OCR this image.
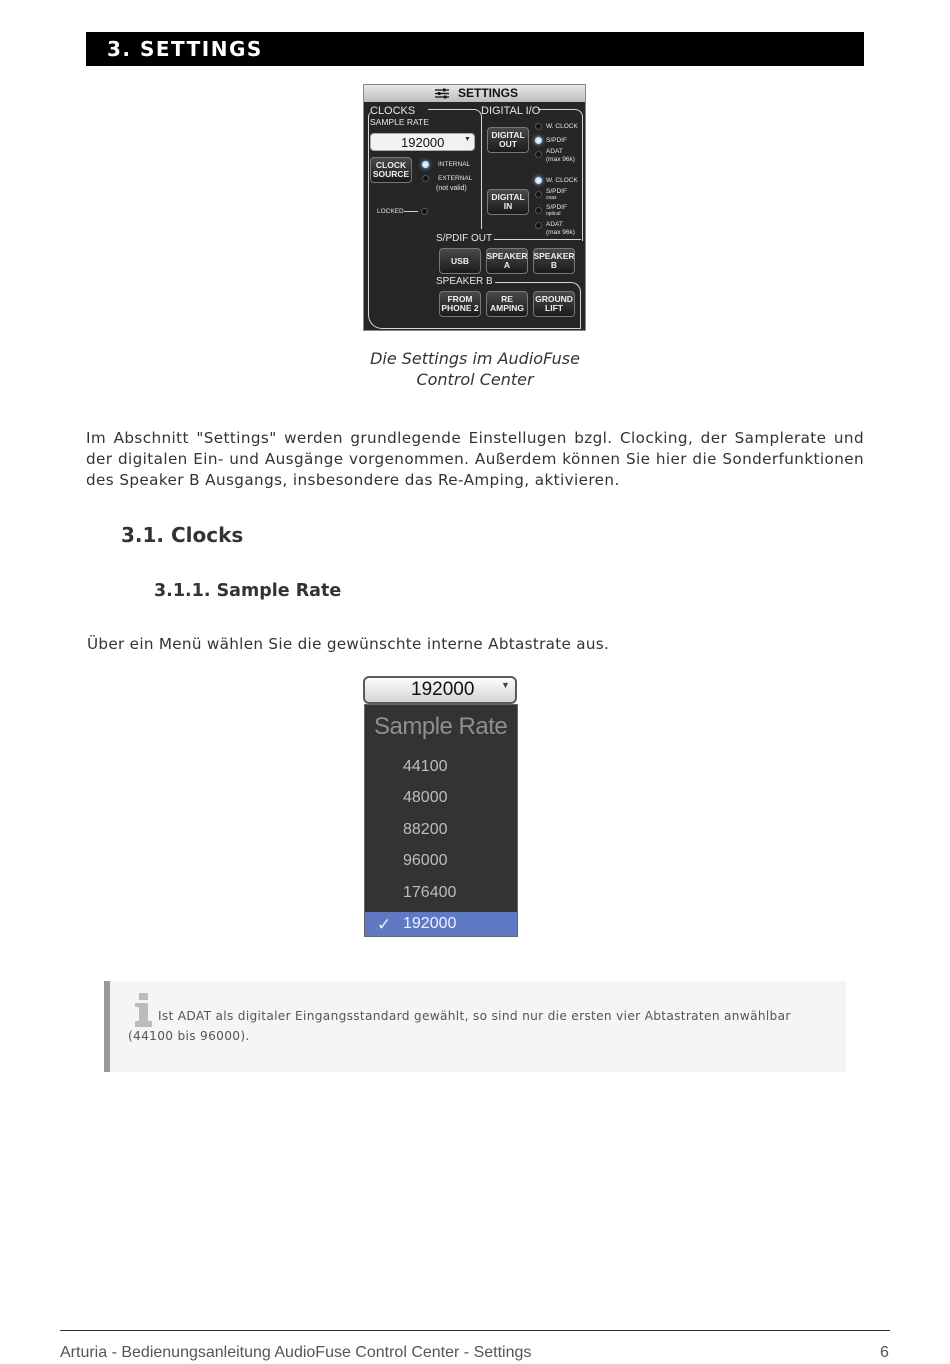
3. SETTINGS
SETTINGS
CLOCKS
SAMPLE RATE
192000	▼
CLOCK SOURCE
INTERNAL
EXTERNAL
(not valid)
LOCKED
DIGITAL I/O
DIGITAL OUT
W. CLOCK
S/PDIF
ADAT
(max 96k)
DIGITAL IN
W. CLOCK
S/PDIF
coax
S/PDIF
optical
ADAT
(max 96k)
S/PDIF OUT
USB	SPEAKER A
SPEAKER B
SPEAKER B
FROM PHONE 2
RE AMPING
GROUND LIFT
Die Settings im AudioFuse
Control Center
Im Abschnitt "Settings" werden grundlegende Einstellugen bzgl. Clocking, der Samplerate und der digitalen Ein- und Ausgänge vorgenommen. Außerdem können Sie hier die Sonderfunktionen des Speaker B Ausgangs, insbesondere das Re-Amping, aktivieren.
3.1. Clocks
3.1.1. Sample Rate
Über ein Menü wählen Sie die gewünschte interne Abtastrate aus.
192000	▼
Sample Rate
44100
48000
88200
96000
176400
✓ 192000
Ist ADAT als digitaler Eingangsstandard gewählt, so sind nur die ersten vier Abtastraten anwählbar (44100 bis 96000).
Arturia - Bedienungsanleitung AudioFuse Control Center - Settings	6
